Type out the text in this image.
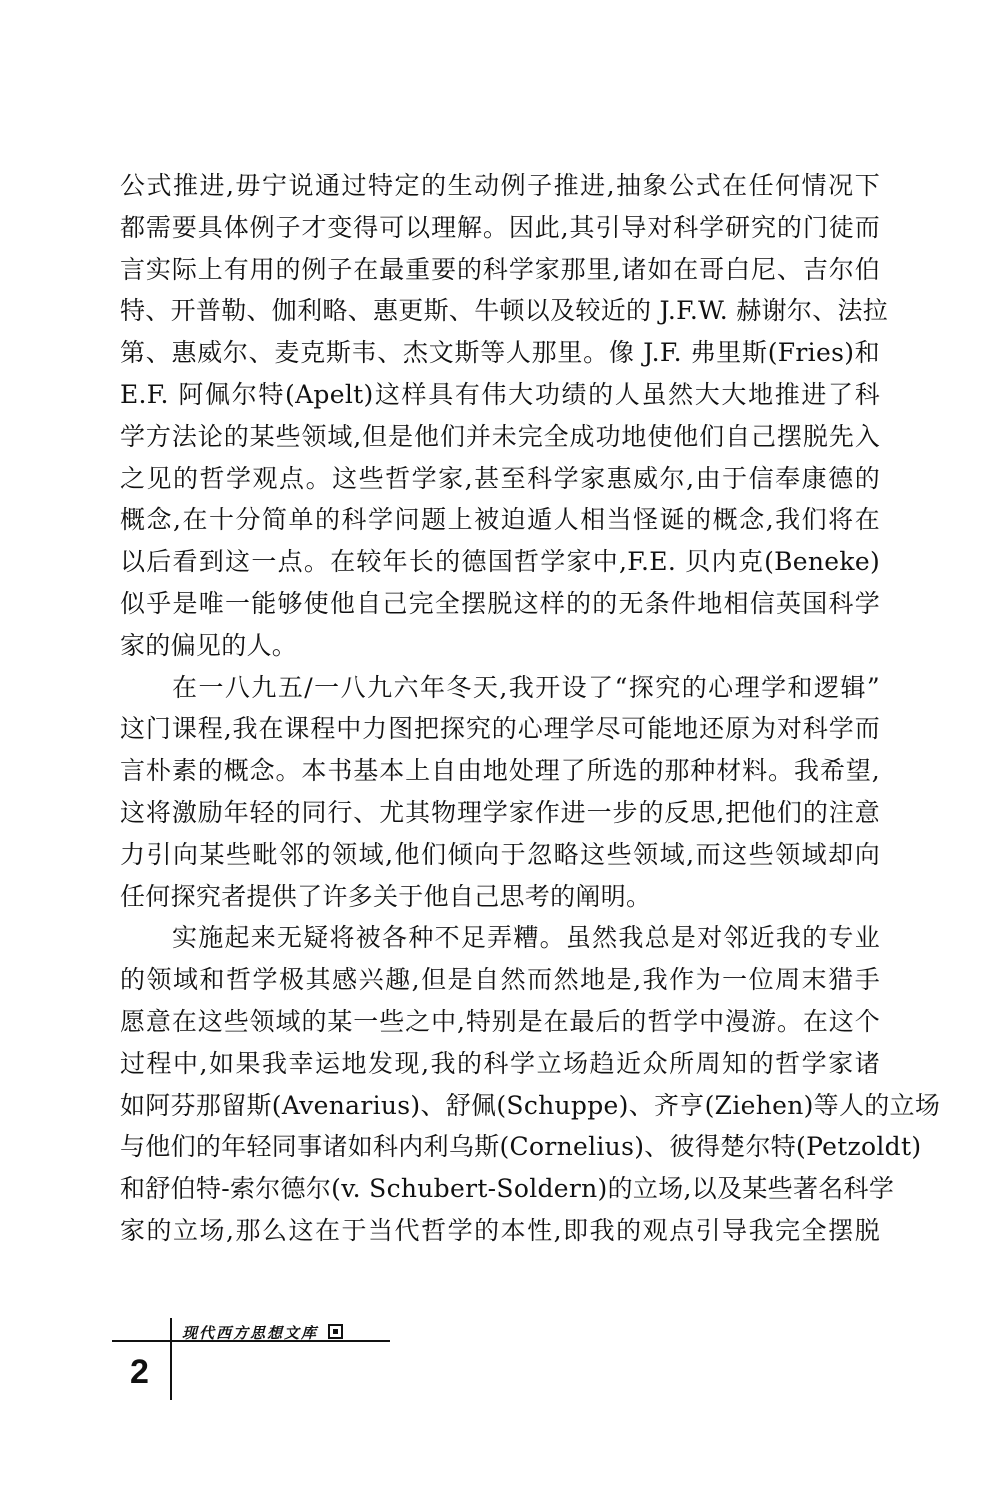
公式推进,毋宁说通过特定的生动例子推进,抽象公式在任何情况下
都需要具体例子才变得可以理解。因此,其引导对科学研究的门徒而
言实际上有用的例子在最重要的科学家那里,诸如在哥白尼、吉尔伯
特、开普勒、伽利略、惠更斯、牛顿以及较近的 J.F.W. 赫谢尔、法拉
第、惠威尔、麦克斯韦、杰文斯等人那里。像 J.F. 弗里斯(Fries)和
E.F. 阿佩尔特(Apelt)这样具有伟大功绩的人虽然大大地推进了科
学方法论的某些领域,但是他们并未完全成功地使他们自己摆脱先入
之见的哲学观点。这些哲学家,甚至科学家惠威尔,由于信奉康德的
概念,在十分简单的科学问题上被迫遁人相当怪诞的概念,我们将在
以后看到这一点。在较年长的德国哲学家中,F.E. 贝内克(Beneke)
似乎是唯一能够使他自己完全摆脱这样的的无条件地相信英国科学
家的偏见的人。
在一八九五/一八九六年冬天,我开设了“探究的心理学和逻辑”
这门课程,我在课程中力图把探究的心理学尽可能地还原为对科学而
言朴素的概念。本书基本上自由地处理了所选的那种材料。我希望,
这将激励年轻的同行、尤其物理学家作进一步的反思,把他们的注意
力引向某些毗邻的领域,他们倾向于忽略这些领域,而这些领域却向
任何探究者提供了许多关于他自己思考的阐明。
实施起来无疑将被各种不足弄糟。虽然我总是对邻近我的专业
的领域和哲学极其感兴趣,但是自然而然地是,我作为一位周末猎手
愿意在这些领域的某一些之中,特别是在最后的哲学中漫游。在这个
过程中,如果我幸运地发现,我的科学立场趋近众所周知的哲学家诸
如阿芬那留斯(Avenarius)、舒佩(Schuppe)、齐亨(Ziehen)等人的立场
与他们的年轻同事诸如科内利乌斯(Cornelius)、彼得楚尔特(Petzoldt)
和舒伯特-索尔德尔(v. Schubert-Soldern)的立场,以及某些著名科学
家的立场,那么这在于当代哲学的本性,即我的观点引导我完全摆脱
现代西方思想文库
2
